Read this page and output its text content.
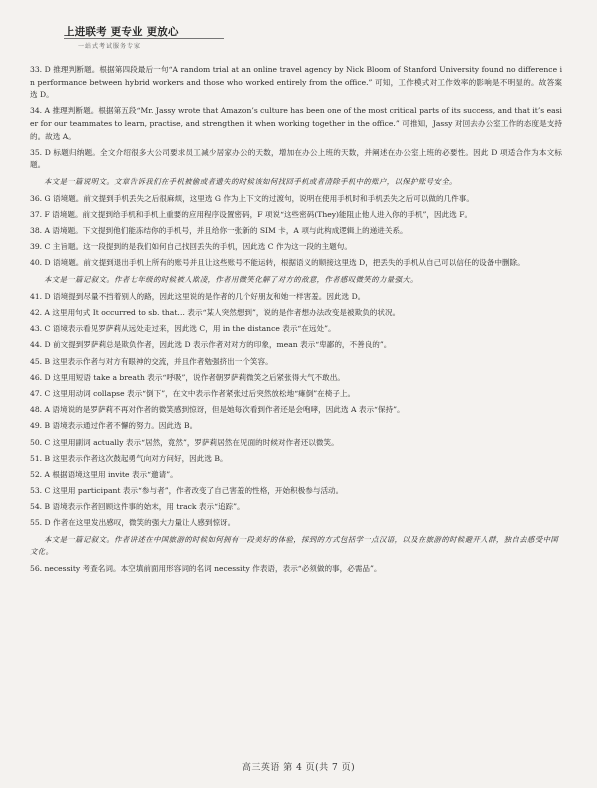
上进联考 更专业 更放心
一站式考试服务专家
33. D 推理判断题。根据第四段最后一句“A random trial at an online travel agency by Nick Bloom of Stanford University found no difference in performance between hybrid workers and those who worked entirely from the office.” 可知，工作模式对工作效率的影响是不明显的。故答案选 D。
34. A 推理判断题。根据第五段“Mr. Jassy wrote that Amazon’s culture has been one of the most critical parts of its success, and that it’s easier for our teammates to learn, practise, and strengthen it when working together in the office.” 可推知，Jassy 对回去办公室工作的态度是支持的。故选 A。
35. D 标题归纳题。全文介绍很多大公司要求员工减少居家办公的天数，增加在办公上班的天数，并阐述在办公室上班的必要性。因此 D 项适合作为本文标题。
本文是一篇说明文。文章告诉我们在手机被偷或者遗失的时候该如何找回手机或者清除手机中的账户，以保护账号安全。
36. G 语境题。前文提到手机丢失之后很麻烦，这里选 G 作为上下文的过渡句，说明在使用手机时和手机丢失之后可以做的几件事。
37. F 语境题。前文提到给手机和手机上重要的应用程序设置密码，F 项说“这些密码(They)能阻止他人进入你的手机”，因此选 F。
38. A 语境题。下文提到他们能冻结你的手机号，并且给你一张新的 SIM 卡，A 项与此构成逻辑上的递进关系。
39. C 主旨题。这一段提到的是我们如何自己找回丢失的手机，因此选 C 作为这一段的主题句。
40. D 语境题。前文提到退出手机上所有的账号并且让这些账号不能运转，根据语义的顺接这里选 D，把丢失的手机从自己可以信任的设备中删除。
本文是一篇记叙文。作者七年级的时候被人欺凌，作者用微笑化解了对方的敌意，作者感叹微笑的力量强大。
41. D 语境提到尽量不挡着别人的路，因此这里说的是作者的几个好朋友和她一样害羞。因此选 D。
42. A 这里用句式 It occurred to sb. that… 表示“某人突然想到”，说的是作者想办法改变是被欺负的状况。
43. C 语境表示看见罗萨莉从远处走过来，因此选 C，用 in the distance 表示“在远处”。
44. D 前文提到罗萨莉总是欺负作者，因此选 D 表示作者对对方的印象，mean 表示“卑鄙的，不善良的”。
45. B 这里表示作者与对方有眼神的交流，并且作者勉强挤出一个笑容。
46. D 这里用短语 take a breath 表示“呼吸”，说作者朝罗萨莉微笑之后紧张得大气不敢出。
47. C 这里用动词 collapse 表示“倒下”，在文中表示作者紧张过后突然放松地“瘫倒”在椅子上。
48. A 语境说的是罗萨莉不再对作者的微笑感到惊讶，但是她每次看到作者还是会咆哮，因此选 A 表示“保持”。
49. B 语境表示通过作者不懈的努力。因此选 B。
50. C 这里用副词 actually 表示“居然，竟然”，罗萨莉居然在见面的时候对作者还以微笑。
51. B 这里表示作者这次鼓起勇气向对方问好，因此选 B。
52. A 根据语境这里用 invite 表示“邀请”。
53. C 这里用 participant 表示“参与者”，作者改变了自己害羞的性格，开始积极参与活动。
54. B 语境表示作者回顾这件事的始末，用 track 表示“追踪”。
55. D 作者在这里发出感叹，微笑的强大力量让人感到惊讶。
本文是一篇记叙文。作者讲述在中国旅游的时候如何拥有一段美好的体验，採到的方式包括学一点汉语，以及在旅游的时候避开人群，独自去感受中国文化。
56. necessity 考查名词。本空填前面用形容词的名词 necessity 作表语，表示“必须做的事，必需品”。
高三英语 第 4 页(共 7 页)
